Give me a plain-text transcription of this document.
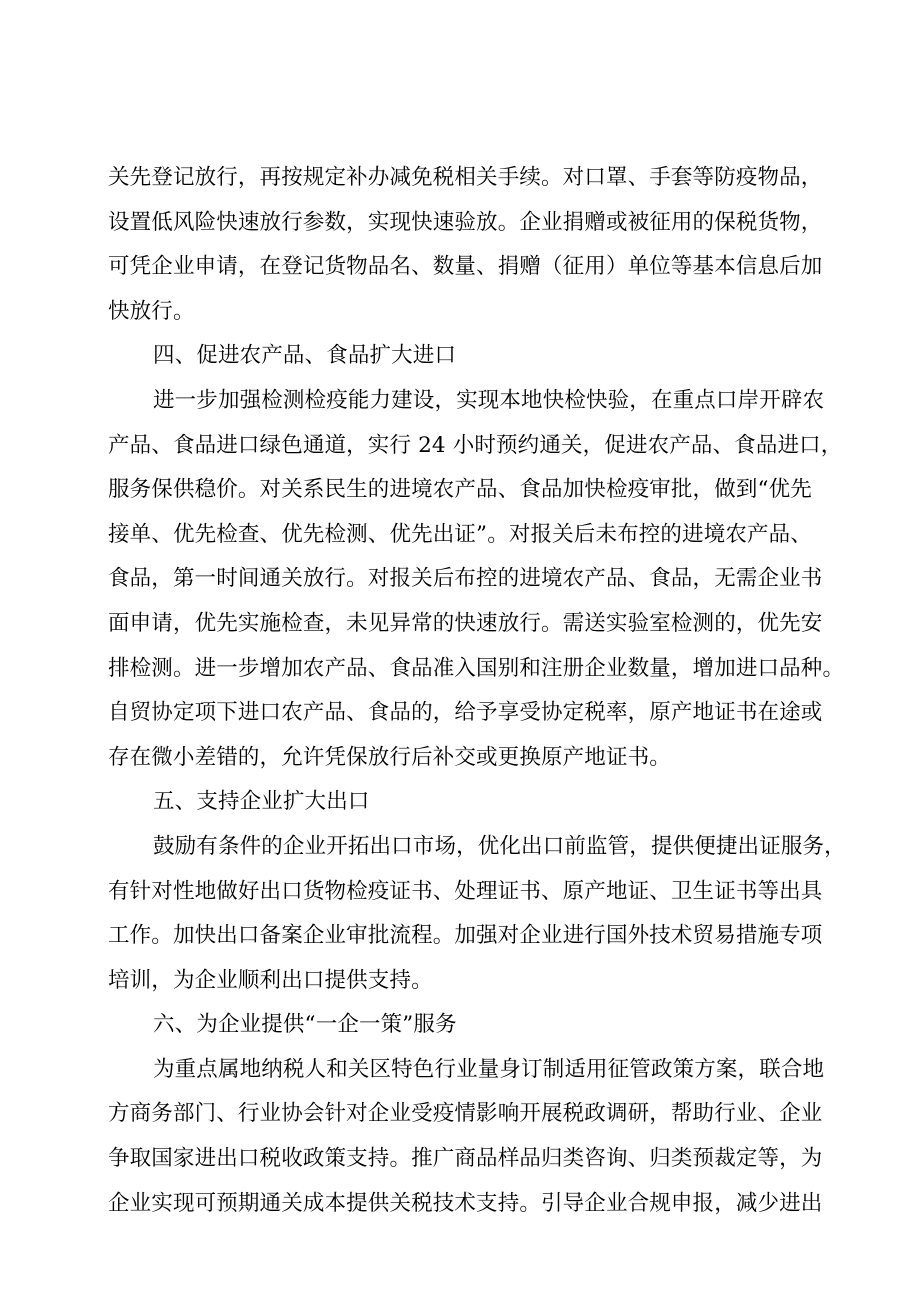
关先登记放行，再按规定补办减免税相关手续。对口罩、手套等防疫物品，
设置低风险快速放行参数，实现快速验放。企业捐赠或被征用的保税货物，
可凭企业申请，在登记货物品名、数量、捐赠（征用）单位等基本信息后加
快放行。
四、促进农产品、食品扩大进口
进一步加强检测检疫能力建设，实现本地快检快验，在重点口岸开辟农
产品、食品进口绿色通道，实行 24 小时预约通关，促进农产品、食品进口，
服务保供稳价。对关系民生的进境农产品、食品加快检疫审批，做到“优先
接单、优先检查、优先检测、优先出证”。对报关后未布控的进境农产品、
食品，第一时间通关放行。对报关后布控的进境农产品、食品，无需企业书
面申请，优先实施检查，未见异常的快速放行。需送实验室检测的，优先安
排检测。进一步增加农产品、食品准入国别和注册企业数量，增加进口品种。
自贸协定项下进口农产品、食品的，给予享受协定税率，原产地证书在途或
存在微小差错的，允许凭保放行后补交或更换原产地证书。
五、支持企业扩大出口
鼓励有条件的企业开拓出口市场，优化出口前监管，提供便捷出证服务，
有针对性地做好出口货物检疫证书、处理证书、原产地证、卫生证书等出具
工作。加快出口备案企业审批流程。加强对企业进行国外技术贸易措施专项
培训，为企业顺利出口提供支持。
六、为企业提供“一企一策”服务
为重点属地纳税人和关区特色行业量身订制适用征管政策方案，联合地
方商务部门、行业协会针对企业受疫情影响开展税政调研，帮助行业、企业
争取国家进出口税收政策支持。推广商品样品归类咨询、归类预裁定等，为
企业实现可预期通关成本提供关税技术支持。引导企业合规申报，减少进出
